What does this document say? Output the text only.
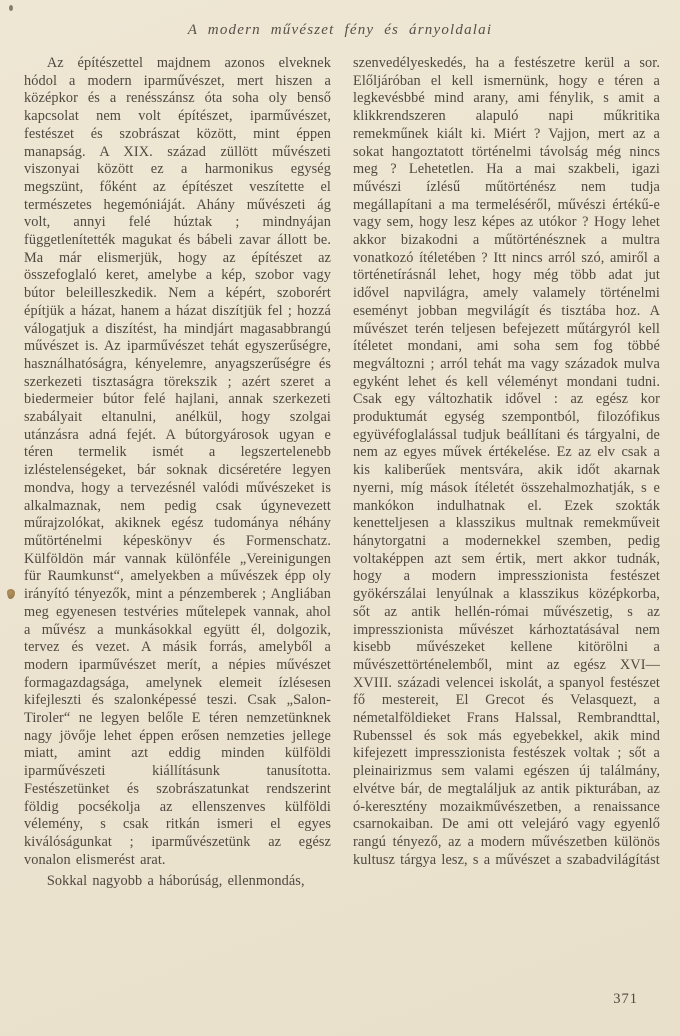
A modern művészet fény és árnyoldalai

Az építészettel majdnem azonos elveknek hódol a modern iparművészet, mert hiszen a középkor és a renésszánsz óta soha oly benső kapcsolat nem volt építészet, iparművészet, festészet és szobrászat között, mint éppen manapság. A XIX. század züllött művészeti viszonyai között ez a harmonikus egység megszünt, főként az építészet veszítette el természetes hegemóniáját. Ahány művészeti ág volt, annyi felé húztak ; mindnyájan függetlenítették magukat és bábeli zavar állott be. Ma már elismerjük, hogy az építészet az összefoglaló keret, amelybe a kép, szobor vagy bútor beleilleszkedik. Nem a képért, szoborért építjük a házat, hanem a házat diszítjük fel ; hozzá válogatjuk a diszítést, ha mindjárt magasabbrangú művészet is. Az iparművészet tehát egyszerűségre, használhatóságra, kényelemre, anyagszerűségre és szerkezeti tisztaságra törekszik ; azért szeret a biedermeier bútor felé hajlani, annak szerkezeti szabályait eltanulni, anélkül, hogy szolgai utánzásra adná fejét. A bútorgyárosok ugyan e téren termelik ismét a legszertelenebb izléstelenségeket, bár soknak dicséretére legyen mondva, hogy a tervezésnél valódi művészeket is alkalmaznak, nem pedig csak úgynevezett műrajzolókat, akiknek egész tudománya néhány műtörténelmi képeskönyv és Formenschatz. Külföldön már vannak különféle „Vereinigungen für Raumkunst“, amelyekben a művészek épp oly irányító tényezők, mint a pénzemberek ; Angliában meg egyenesen testvéries műtelepek vannak, ahol a művész a munkásokkal együtt él, dolgozik, tervez és vezet. A másik forrás, amelyből a modern iparművészet merít, a népies művészet formagazdagsága, amelynek elemeit ízlésesen kifejleszti és szalonképessé teszi. Csak „Salon-Tiroler“ ne legyen belőle E téren nemzetünknek nagy jövője lehet éppen erősen nemzeties jellege miatt, amint azt eddig minden külföldi iparművészeti kiállításunk tanusította. Festészetünket és szobrászatunkat rendszerint földig pocsékolja az ellenszenves külföldi vélemény, s csak ritkán ismeri el egyes kiválóságunkat ; iparművészetünk az egész vonalon elismerést arat.

Sokkal nagyobb a háborúság, ellenmondás,

szenvedélyeskedés, ha a festészetre kerül a sor. Előljáróban el kell ismernünk, hogy e téren a legkevésbbé mind arany, ami fénylik, s amit a klikkrendszeren alapuló napi műkritika remekműnek kiált ki. Miért ? Vajjon, mert az a sokat hangoztatott történelmi távolság még nincs meg ? Lehetetlen. Ha a mai szakbeli, igazi művészi ízlésű műtörténész nem tudja megállapítani a ma termeléséről, művészi értékű-e vagy sem, hogy lesz képes az utókor ? Hogy lehet akkor bizakodni a műtörténésznek a multra vonatkozó ítéletében ? Itt nincs arról szó, amiről a történetírásnál lehet, hogy még több adat jut idővel napvilágra, amely valamely történelmi eseményt jobban megvilágít és tisztába hoz. A művészet terén teljesen befejezett műtárgyról kell ítéletet mondani, ami soha sem fog többé megváltozni ; arról tehát ma vagy századok mulva egyként lehet és kell véleményt mondani tudni. Csak egy változhatik idővel : az egész kor produktumát egység szempontból, filozófikus együvéfoglalással tudjuk beállítani és tárgyalni, de nem az egyes művek értékelése. Ez az elv csak a kis kaliberűek mentsvára, akik időt akarnak nyerni, míg mások ítéletét összehalmozhatják, s e mankókon indulhatnak el. Ezek szokták kenetteljesen a klasszikus multnak remekműveit hánytorgatni a modernekkel szemben, pedig voltaképpen azt sem értik, mert akkor tudnák, hogy a modern impresszionista festészet gyökérszálai lenyúlnak a klasszikus középkorba, sőt az antik hellén-római művészetig, s az impresszionista művészet kárhoztatásával nem kisebb művészeket kellene kitörölni a művészettörténelemből, mint az egész XVI—XVIII. századi velencei iskolát, a spanyol festészet fő mestereit, El Grecot és Velasquezt, a németalföldieket Frans Halssal, Rembrandttal, Rubenssel és sok más egyebekkel, akik mind kifejezett impresszionista festészek voltak ; sőt a pleinairizmus sem valami egészen új találmány, elvétve bár, de megtaláljuk az antik pikturában, az ó-keresztény mozaikművészetben, a renaissance csarnokaiban. De ami ott velejáró vagy egyenlő rangú tényező, az a modern művészetben különös kultusz tárgya lesz, s a művészet a szabadvilágítást

371
